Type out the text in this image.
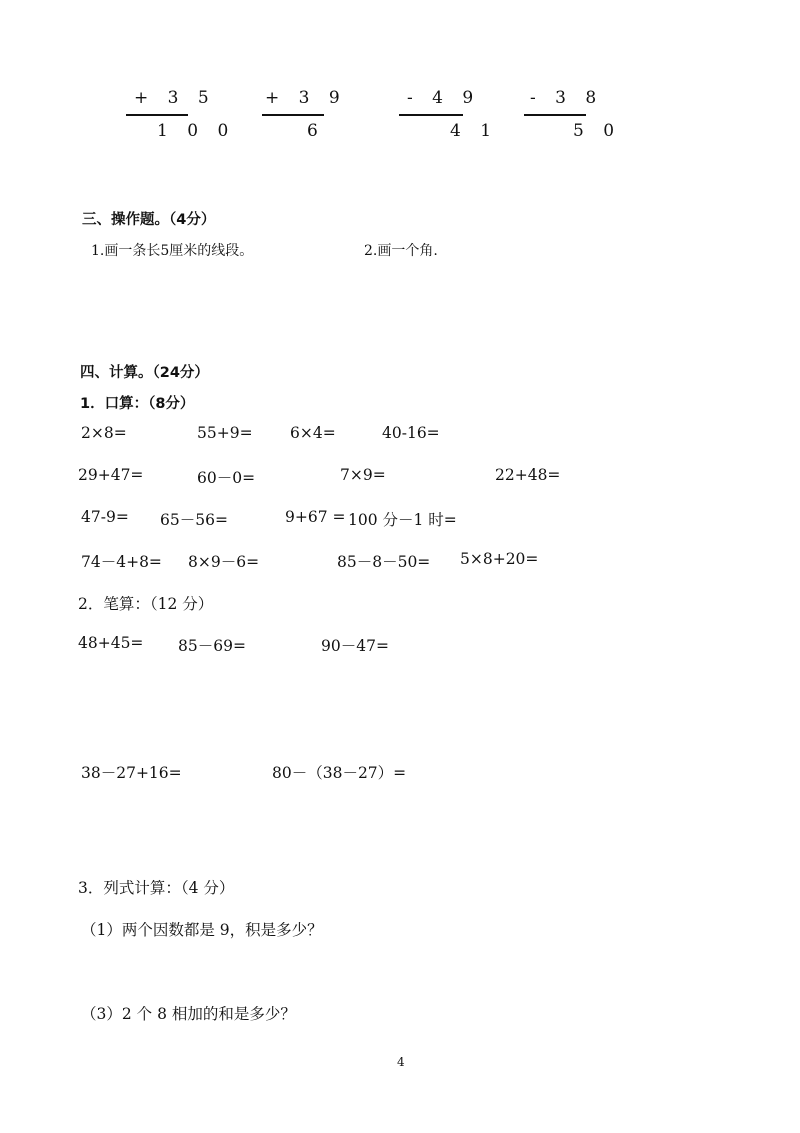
+ 3 5
1 0 0
+ 3 9
6
- 4 9
4 1
- 3 8
5 0
三、操作题。（4分）
1.画一条长5厘米的线段。	2.画一个角.
四、计算。（24分）
1．口算：（8分）
2×8=	55+9= 6×4=	40-16=
29+47=	60－0=	7×9=	22+48=
47-9= 65－56=	9+67 = 100 分－1 时=
74－4+8= 8×9－6=	85－8－50= 5×8+20=
2．笔算：（12 分）
48+45= 85－69=	90－47=
38－27+16=	80－（38－27）=
3．列式计算：（4 分）
（1）两个因数都是 9，积是多少？
（3）2 个 8 相加的和是多少？
4
